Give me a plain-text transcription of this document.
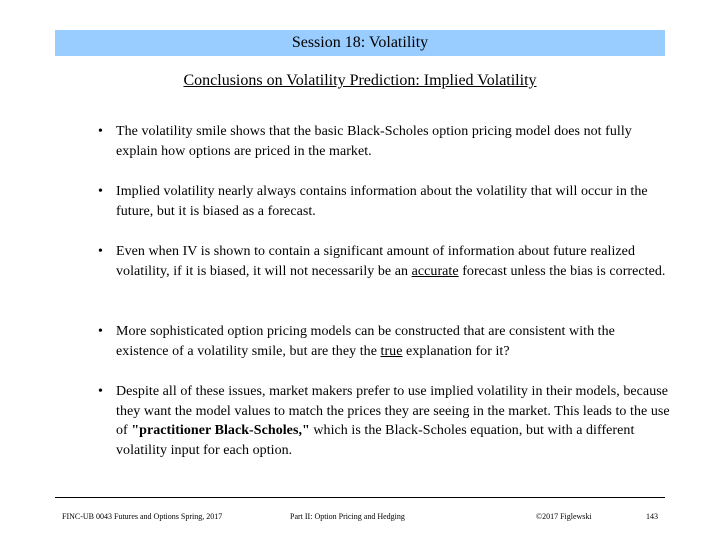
Session 18: Volatility
Conclusions on Volatility Prediction: Implied Volatility
• The volatility smile shows that the basic Black-Scholes option pricing model does not fully explain how options are priced in the market.
• Implied volatility nearly always contains information about the volatility that will occur in the future, but it is biased as a forecast.
• Even when IV is shown to contain a significant amount of information about future realized volatility, if it is biased, it will not necessarily be an accurate forecast unless the bias is corrected.
• More sophisticated option pricing models can be constructed that are consistent with the existence of a volatility smile, but are they the true explanation for it?
• Despite all of these issues, market makers prefer to use implied volatility in their models, because they want the model values to match the prices they are seeing in the market. This leads to the use of "practitioner Black-Scholes," which is the Black-Scholes equation, but with a different volatility input for each option.
FINC-UB 0043 Futures and Options Spring, 2017	Part II: Option Pricing and Hedging	©2017 Figlewski	143
